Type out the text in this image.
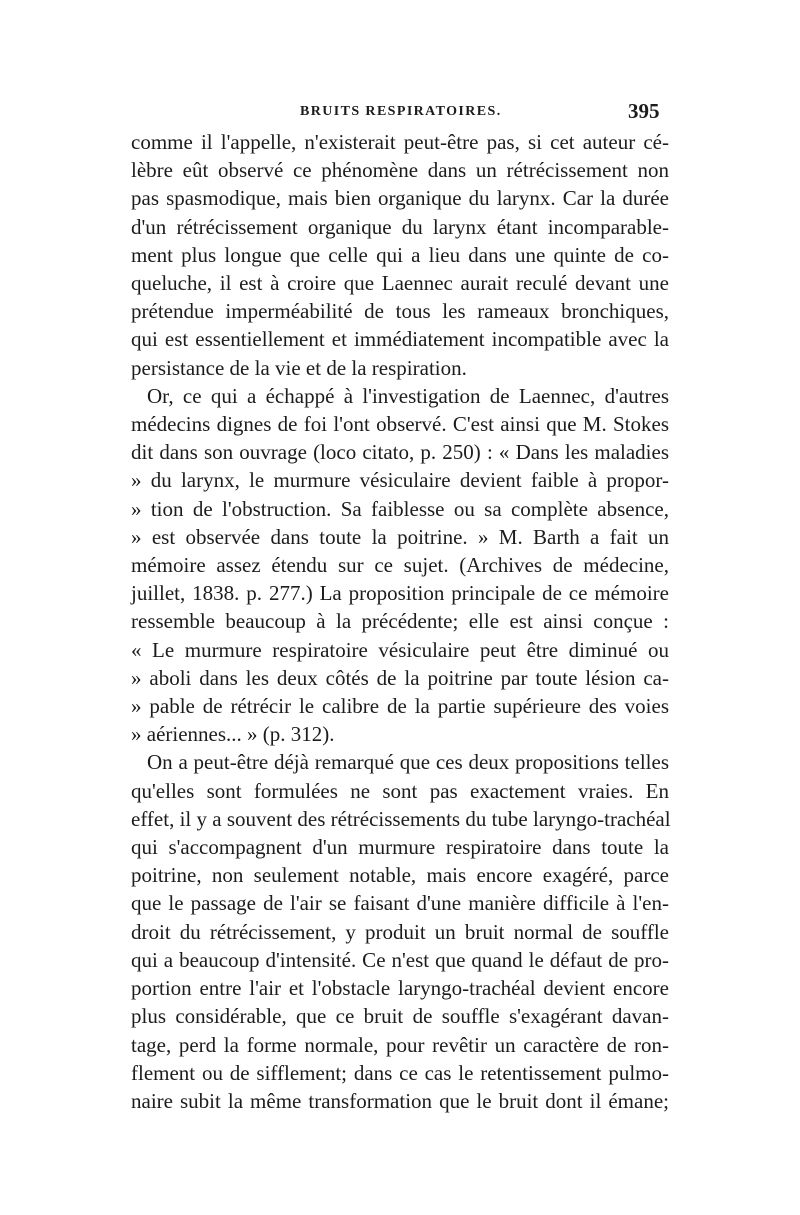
BRUITS RESPIRATOIRES.	395
comme il l'appelle, n'existerait peut-être pas, si cet auteur cé-
lèbre eût observé ce phénomène dans un rétrécissement non
pas spasmodique, mais bien organique du larynx. Car la durée
d'un rétrécissement organique du larynx étant incomparable-
ment plus longue que celle qui a lieu dans une quinte de co-
queluche, il est à croire que Laennec aurait reculé devant une
prétendue imperméabilité de tous les rameaux bronchiques,
qui est essentiellement et immédiatement incompatible avec la
persistance de la vie et de la respiration.
Or, ce qui a échappé à l'investigation de Laennec, d'autres
médecins dignes de foi l'ont observé. C'est ainsi que M. Stokes
dit dans son ouvrage (loco citato, p. 250) : « Dans les maladies
» du larynx, le murmure vésiculaire devient faible à propor-
» tion de l'obstruction. Sa faiblesse ou sa complète absence,
» est observée dans toute la poitrine. » M. Barth a fait un
mémoire assez étendu sur ce sujet. (Archives de médecine,
juillet, 1838. p. 277.) La proposition principale de ce mémoire
ressemble beaucoup à la précédente; elle est ainsi conçue :
« Le murmure respiratoire vésiculaire peut être diminué ou
» aboli dans les deux côtés de la poitrine par toute lésion ca-
» pable de rétrécir le calibre de la partie supérieure des voies
» aériennes... » (p. 312).
On a peut-être déjà remarqué que ces deux propositions telles
qu'elles sont formulées ne sont pas exactement vraies. En
effet, il y a souvent des rétrécissements du tube laryngo-trachéal
qui s'accompagnent d'un murmure respiratoire dans toute la
poitrine, non seulement notable, mais encore exagéré, parce
que le passage de l'air se faisant d'une manière difficile à l'en-
droit du rétrécissement, y produit un bruit normal de souffle
qui a beaucoup d'intensité. Ce n'est que quand le défaut de pro-
portion entre l'air et l'obstacle laryngo-trachéal devient encore
plus considérable, que ce bruit de souffle s'exagérant davan-
tage, perd la forme normale, pour revêtir un caractère de ron-
flement ou de sifflement; dans ce cas le retentissement pulmo-
naire subit la même transformation que le bruit dont il émane;
